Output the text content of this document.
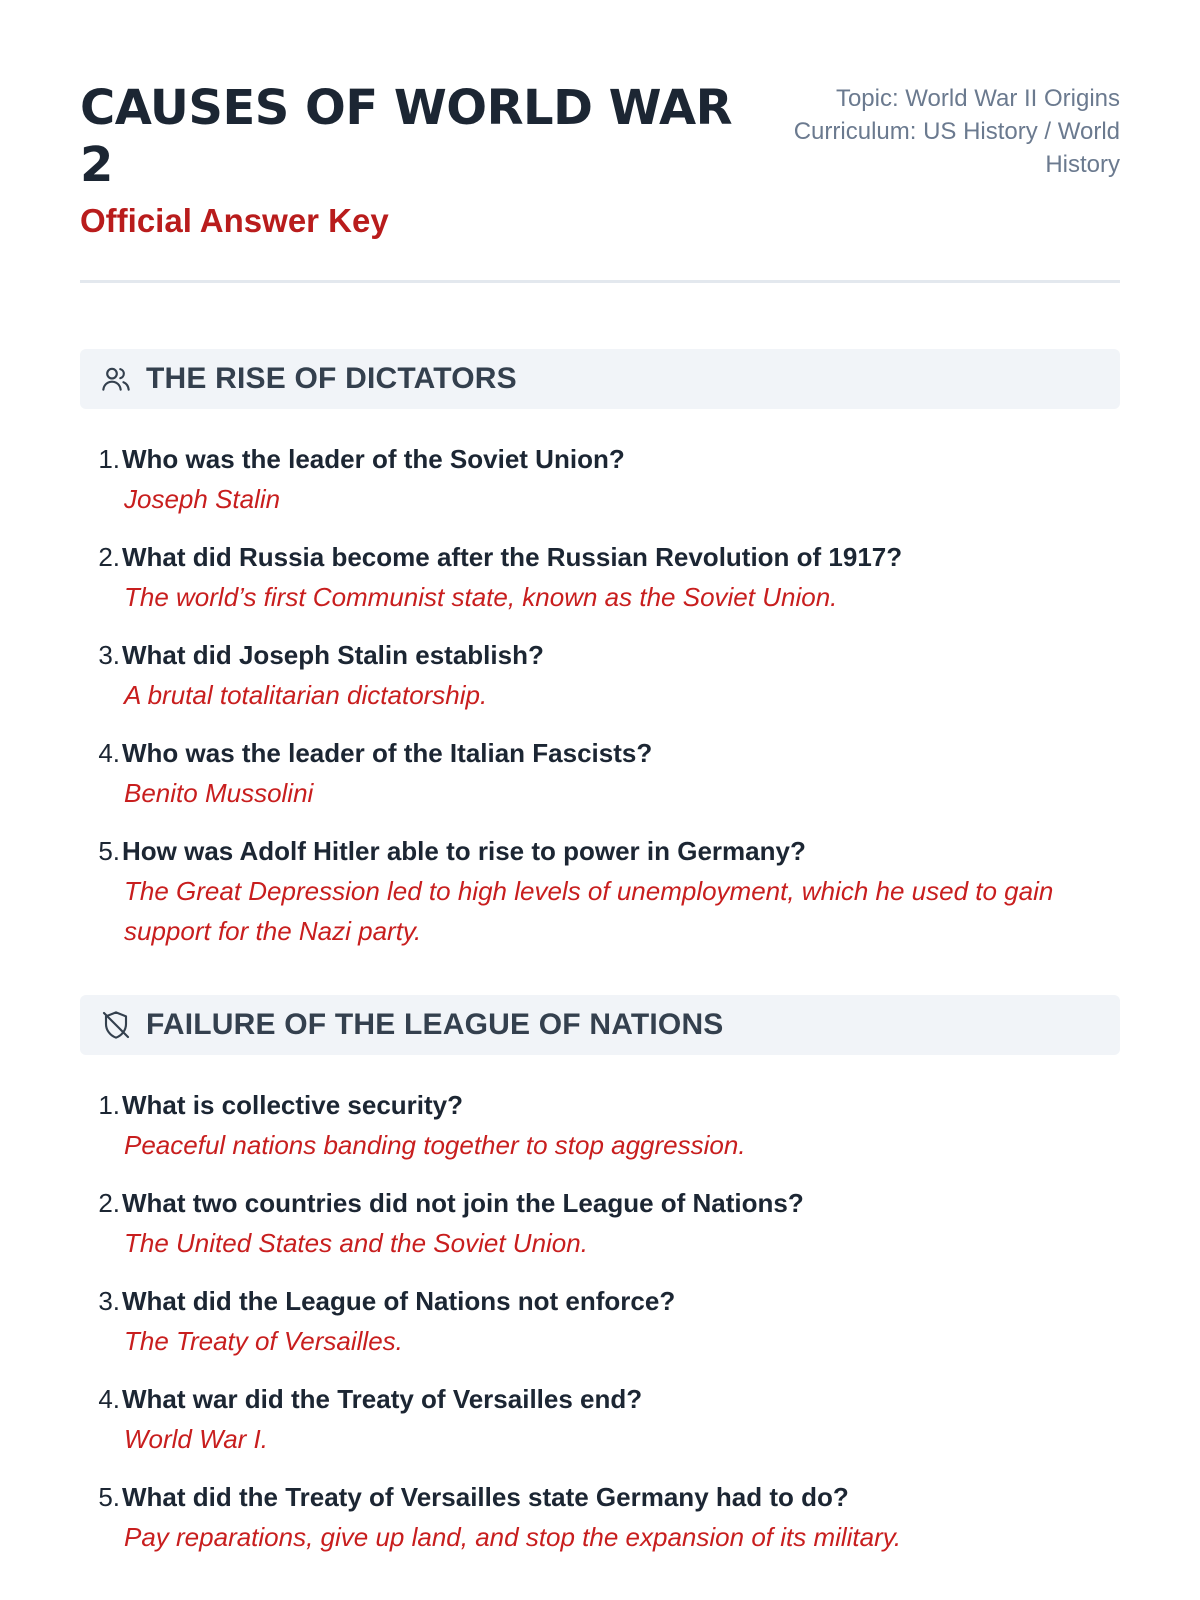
CAUSES OF WORLD WAR 2
Official Answer Key
Topic: World War II Origins
Curriculum: US History / World History
THE RISE OF DICTATORS
1. Who was the leader of the Soviet Union?
Joseph Stalin
2. What did Russia become after the Russian Revolution of 1917?
The world’s first Communist state, known as the Soviet Union.
3. What did Joseph Stalin establish?
A brutal totalitarian dictatorship.
4. Who was the leader of the Italian Fascists?
Benito Mussolini
5. How was Adolf Hitler able to rise to power in Germany?
The Great Depression led to high levels of unemployment, which he used to gain support for the Nazi party.
FAILURE OF THE LEAGUE OF NATIONS
1. What is collective security?
Peaceful nations banding together to stop aggression.
2. What two countries did not join the League of Nations?
The United States and the Soviet Union.
3. What did the League of Nations not enforce?
The Treaty of Versailles.
4. What war did the Treaty of Versailles end?
World War I.
5. What did the Treaty of Versailles state Germany had to do?
Pay reparations, give up land, and stop the expansion of its military.
